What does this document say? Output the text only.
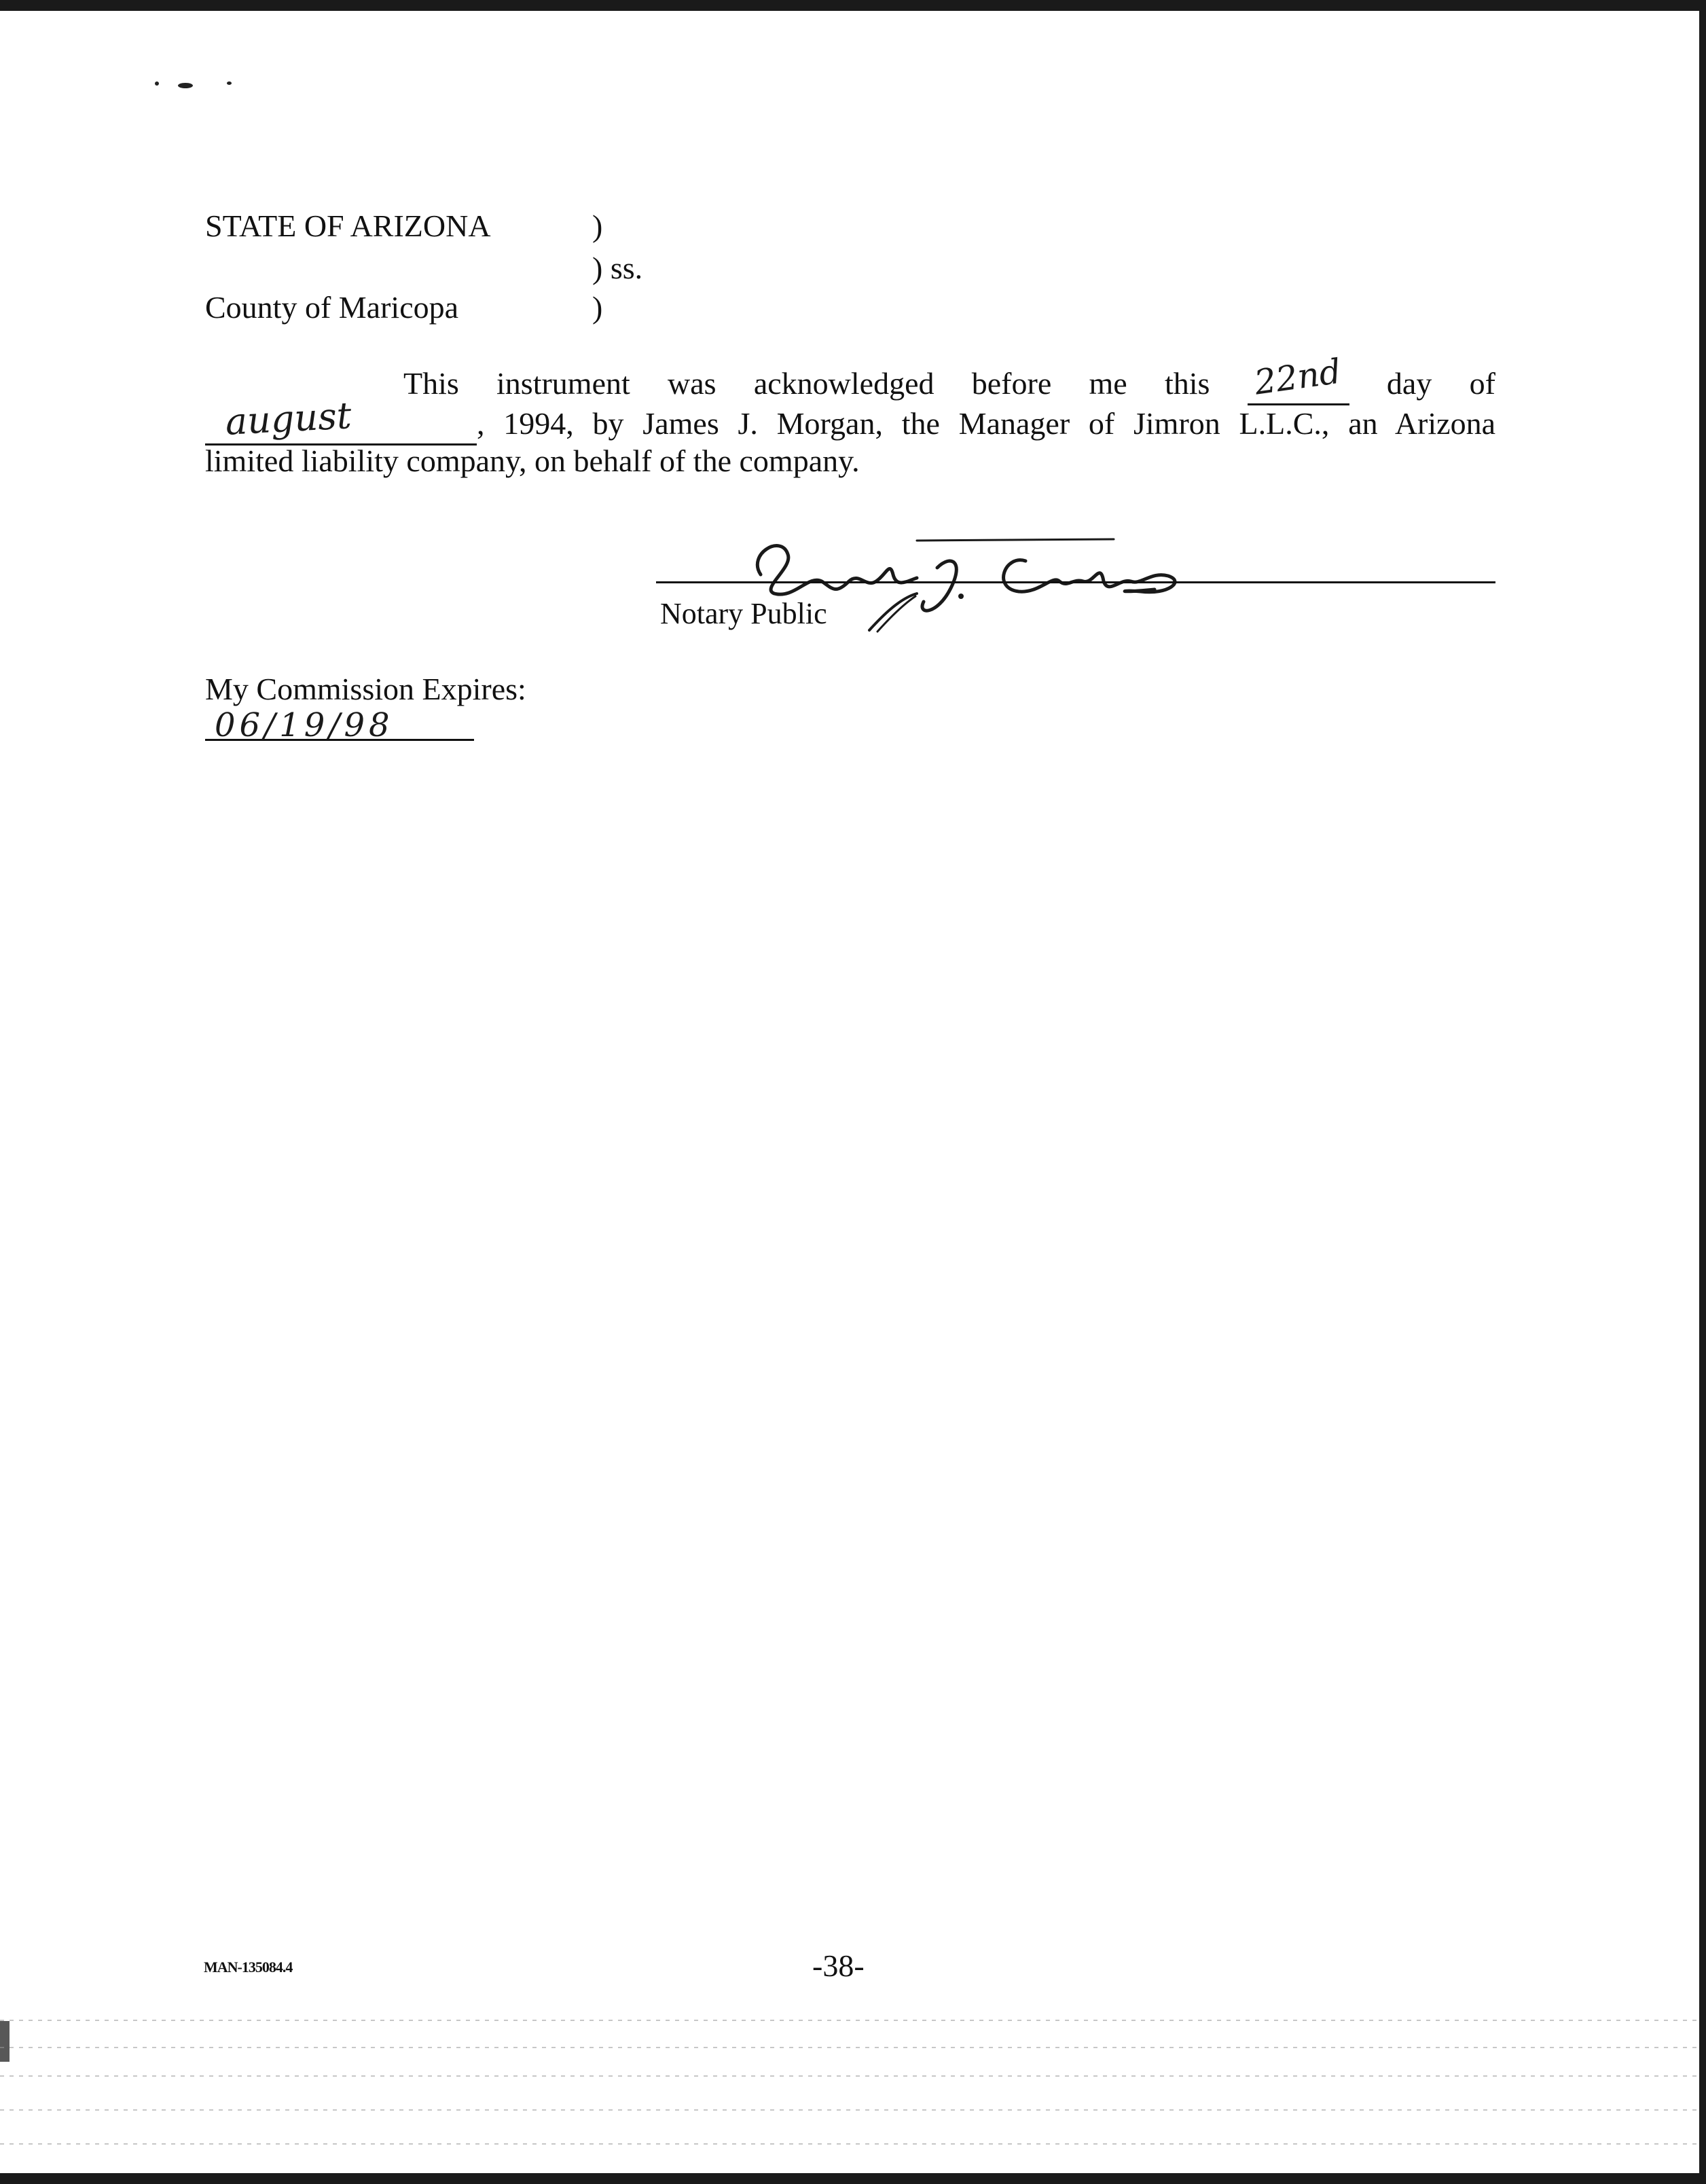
STATE OF ARIZONA	)
) ss.
County of Maricopa	)
This instrument was acknowledged before me this 22nd day of
august	, 1994, by James J. Morgan, the Manager of Jimron L.L.C., an Arizona
limited liability company, on behalf of the company.
Notary Public
My Commission Expires:
06/19/98
MAN-135084.4	-38-
